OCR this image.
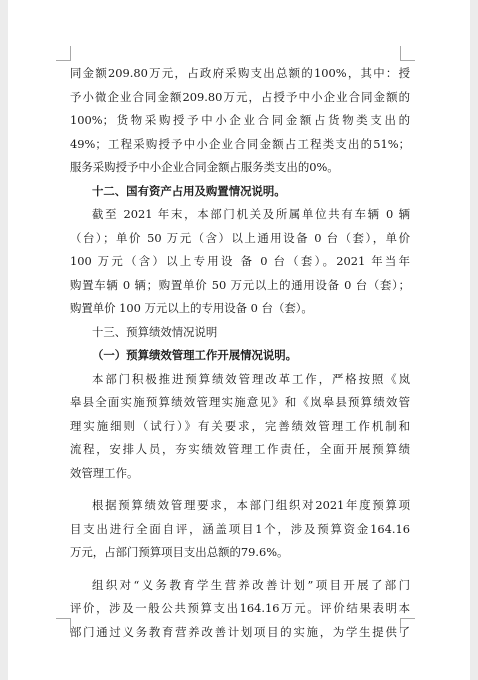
同金额209.80万元，占政府采购支出总额的100%，其中：授
予小微企业合同金额209.80万元，占授予中小企业合同金额的
100%；货物采购授予中小企业合同金额占货物类支出的
49%；工程采购授予中小企业合同金额占工程类支出的51%；
服务采购授予中小企业合同金额占服务类支出的0%。
十二、国有资产占用及购置情况说明。
截至 2021 年末，本部门机关及所属单位共有车辆 0 辆
（台）；单价 50 万元（含）以上通用设备 0 台（套），单价
100 万元（含）以上专用设 备 0 台（套）。2021 年当年
购置车辆 0 辆；购置单价 50 万元以上的通用设备 0 台（套）；
购置单价 100 万元以上的专用设备 0 台（套）。
十三、预算绩效情况说明
（一）预算绩效管理工作开展情况说明。
本部门积极推进预算绩效管理改革工作，严格按照《岚
皋县全面实施预算绩效管理实施意见》和《岚皋县预算绩效管
理实施细则（试行）》有关要求，完善绩效管理工作机制和
流程，安排人员，夯实绩效管理工作责任，全面开展预算绩
效管理工作。
根据预算绩效管理要求，本部门组织对2021年度预算项
目支出进行全面自评，涵盖项目1个，涉及预算资金164.16
万元，占部门预算项目支出总额的79.6%。
组织对“义务教育学生营养改善计划”项目开展了部门
评价，涉及一般公共预算支出164.16万元。评价结果表明本
部门通过义务教育营养改善计划项目的实施，为学生提供了
